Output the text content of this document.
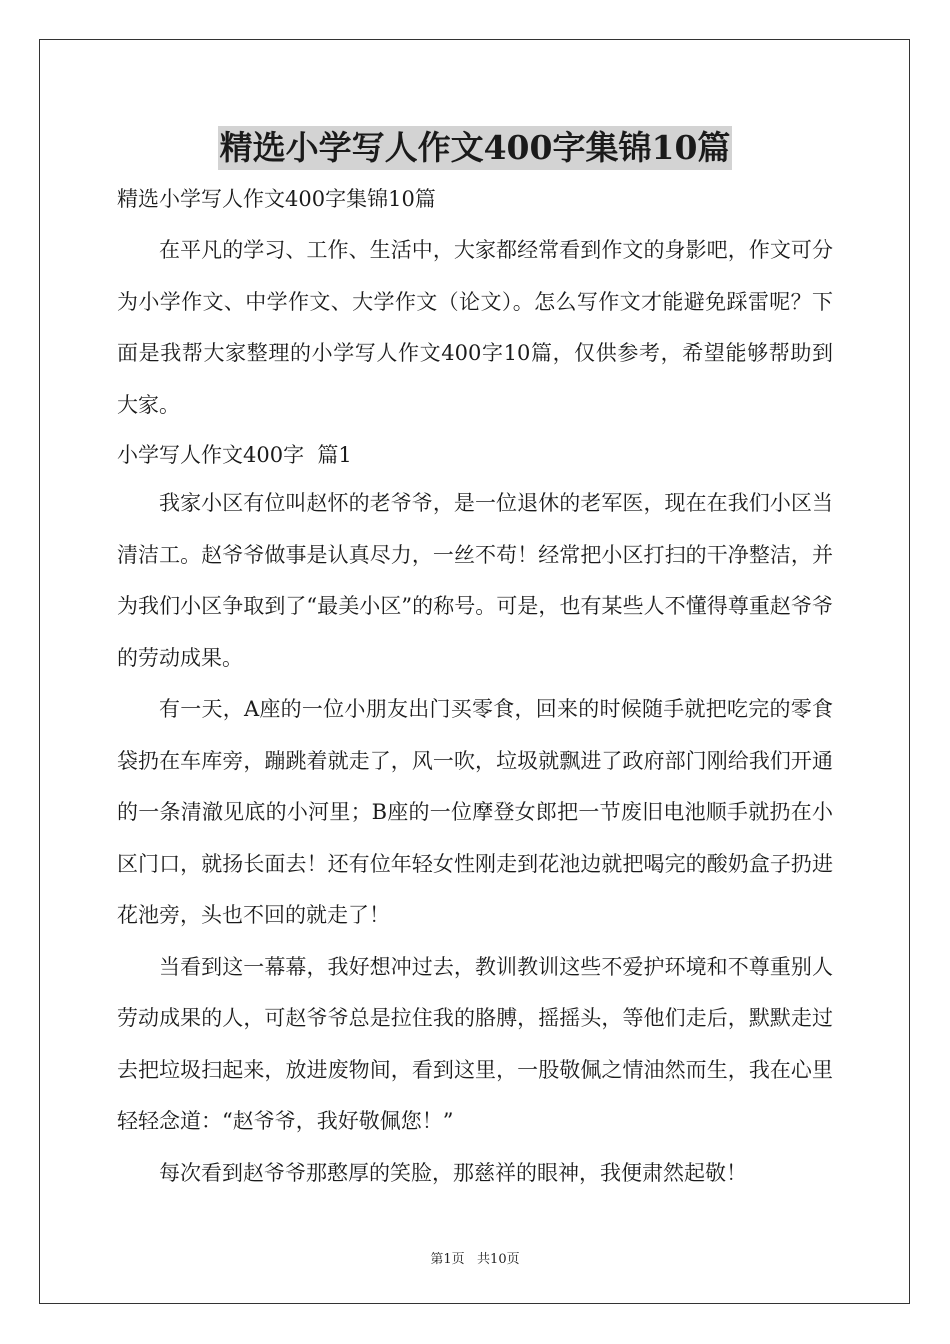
精选小学写人作文400字集锦10篇
精选小学写人作文400字集锦10篇

在平凡的学习、工作、生活中，大家都经常看到作文的身影吧，作文可分为小学作文、中学作文、大学作文（论文）。怎么写作文才能避免踩雷呢？下面是我帮大家整理的小学写人作文400字10篇，仅供参考，希望能够帮助到大家。

小学写人作文400字  篇1

我家小区有位叫赵怀的老爷爷，是一位退休的老军医，现在在我们小区当清洁工。赵爷爷做事是认真尽力，一丝不苟！经常把小区打扫的干净整洁，并为我们小区争取到了“最美小区”的称号。可是，也有某些人不懂得尊重赵爷爷的劳动成果。

有一天，A座的一位小朋友出门买零食，回来的时候随手就把吃完的零食袋扔在车库旁，蹦跳着就走了，风一吹，垃圾就飘进了政府部门刚给我们开通的一条清澈见底的小河里；B座的一位摩登女郎把一节废旧电池顺手就扔在小区门口，就扬长面去！还有位年轻女性刚走到花池边就把喝完的酸奶盒子扔进花池旁，头也不回的就走了！

当看到这一幕幕，我好想冲过去，教训教训这些不爱护环境和不尊重别人劳动成果的人，可赵爷爷总是拉住我的胳膊，摇摇头，等他们走后，默默走过去把垃圾扫起来，放进废物间，看到这里，一股敬佩之情油然而生，我在心里轻轻念道：“赵爷爷，我好敬佩您！”

每次看到赵爷爷那憨厚的笑脸，那慈祥的眼神，我便肃然起敬！

第1页   共10页
